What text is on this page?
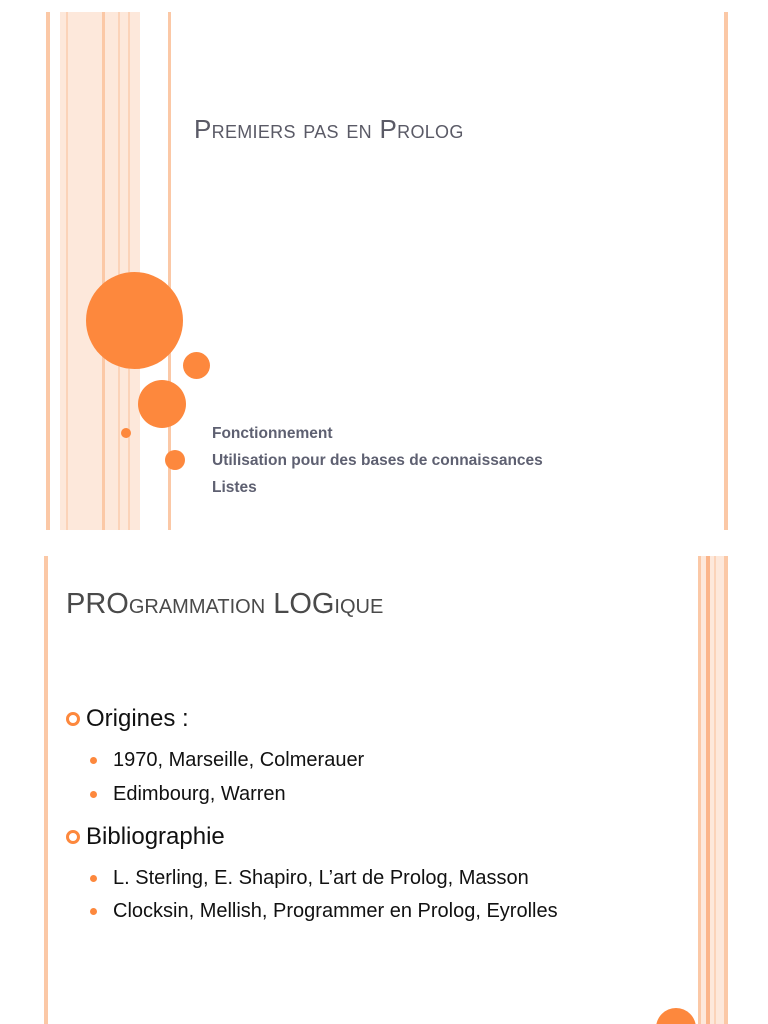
Premiers pas en Prolog
Fonctionnement
Utilisation pour des bases de connaissances
Listes
PROgrammation LOGique
Origines :
1970, Marseille, Colmerauer
Edimbourg, Warren
Bibliographie
L. Sterling, E. Shapiro, L’art de Prolog, Masson
Clocksin, Mellish, Programmer en Prolog, Eyrolles
